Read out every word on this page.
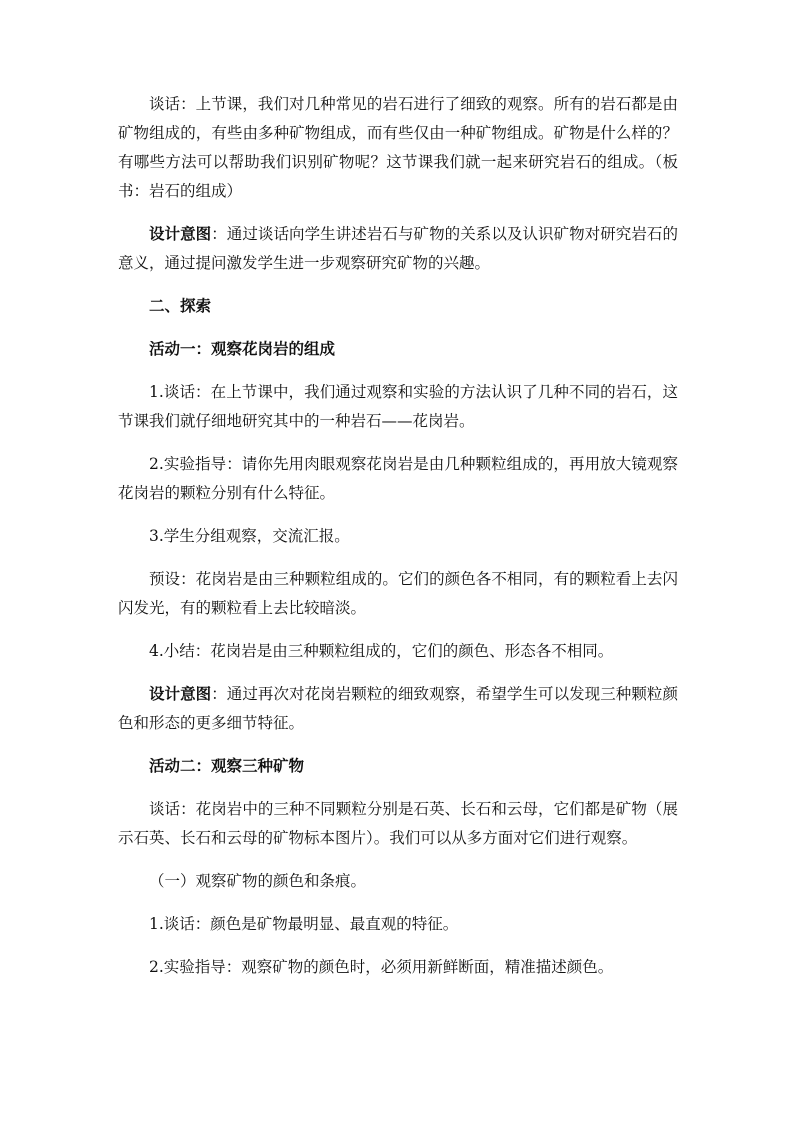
谈话：上节课，我们对几种常见的岩石进行了细致的观察。所有的岩石都是由矿物组成的，有些由多种矿物组成，而有些仅由一种矿物组成。矿物是什么样的？有哪些方法可以帮助我们识别矿物呢？这节课我们就一起来研究岩石的组成。（板书：岩石的组成）

设计意图：通过谈话向学生讲述岩石与矿物的关系以及认识矿物对研究岩石的意义，通过提问激发学生进一步观察研究矿物的兴趣。

二、探索

活动一：观察花岗岩的组成

1.谈话：在上节课中，我们通过观察和实验的方法认识了几种不同的岩石，这节课我们就仔细地研究其中的一种岩石——花岗岩。

2.实验指导：请你先用肉眼观察花岗岩是由几种颗粒组成的，再用放大镜观察花岗岩的颗粒分别有什么特征。

3.学生分组观察，交流汇报。

预设：花岗岩是由三种颗粒组成的。它们的颜色各不相同，有的颗粒看上去闪闪发光，有的颗粒看上去比较暗淡。

4.小结：花岗岩是由三种颗粒组成的，它们的颜色、形态各不相同。

设计意图：通过再次对花岗岩颗粒的细致观察，希望学生可以发现三种颗粒颜色和形态的更多细节特征。

活动二：观察三种矿物

谈话：花岗岩中的三种不同颗粒分别是石英、长石和云母，它们都是矿物（展示石英、长石和云母的矿物标本图片）。我们可以从多方面对它们进行观察。

（一）观察矿物的颜色和条痕。

1.谈话：颜色是矿物最明显、最直观的特征。

2.实验指导：观察矿物的颜色时，必须用新鲜断面，精准描述颜色。
